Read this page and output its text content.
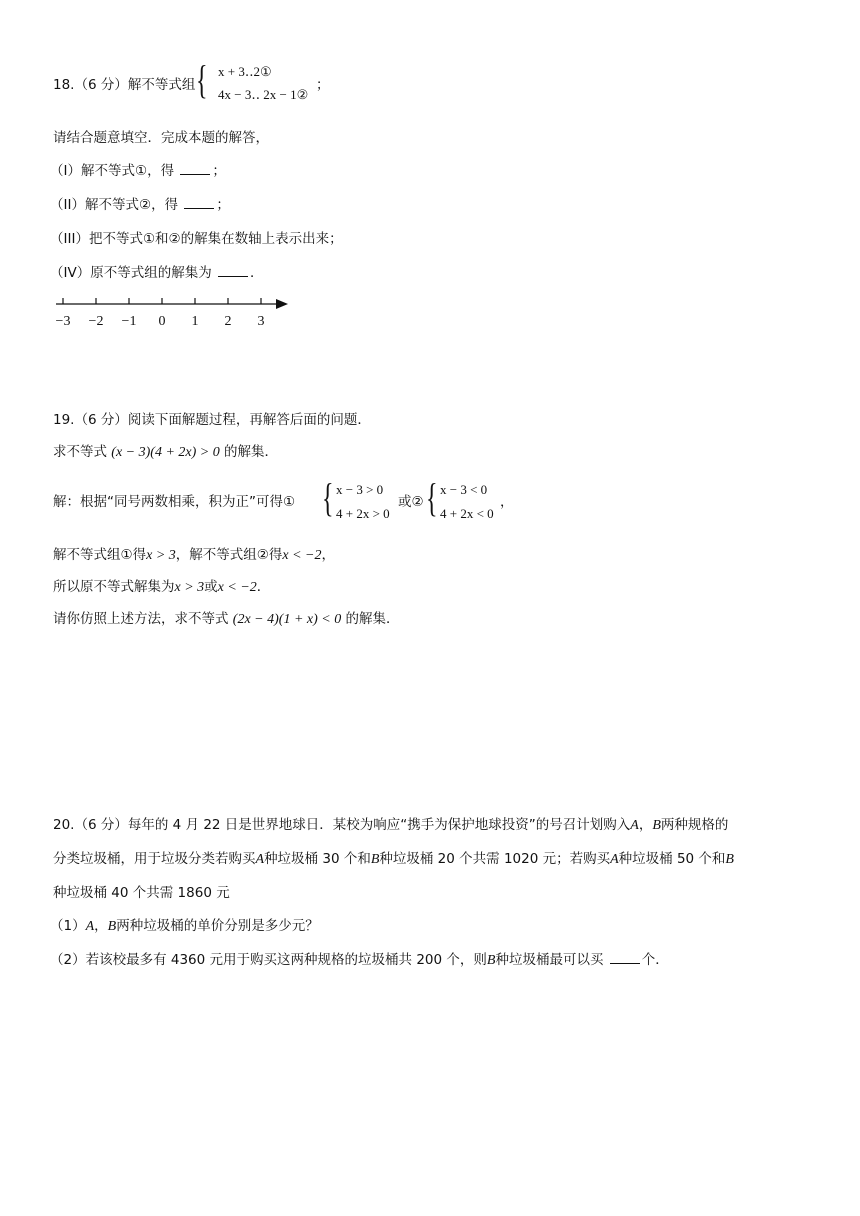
18.（6 分）解不等式组 { x + 3‥2①
4x − 3‥ 2x − 1②
；
请结合题意填空．完成本题的解答，
（I）解不等式①，得	；
（II）解不等式②，得	；
（III）把不等式①和②的解集在数轴上表示出来；
（IV）原不等式组的解集为	．
−3 −2 −1 0 1 2 3
19.（6 分）阅读下面解题过程，再解答后面的问题．
求不等式 (x − 3)(4 + 2x) > 0 的解集．
解：根据“同号两数相乘，积为正”可得① { x − 3 > 0
4 + 2x > 0
或② { x − 3 < 0
4 + 2x < 0
，
解不等式组①得x > 3，解不等式组②得x < −2，
所以原不等式解集为x > 3或x < −2．
请你仿照上述方法，求不等式 (2x − 4)(1 + x) < 0 的解集．
20.（6 分）每年的 4 月 22 日是世界地球日．某校为响应“携手为保护地球投资”的号召计划购入A，B两种规格的
分类垃圾桶，用于垃圾分类若购买A种垃圾桶 30 个和B种垃圾桶 20 个共需 1020 元；若购买A种垃圾桶 50 个和B
种垃圾桶 40 个共需 1860 元
（1）A，B两种垃圾桶的单价分别是多少元？
（2）若该校最多有 4360 元用于购买这两种规格的垃圾桶共 200 个，则B种垃圾桶最可以买	个．
